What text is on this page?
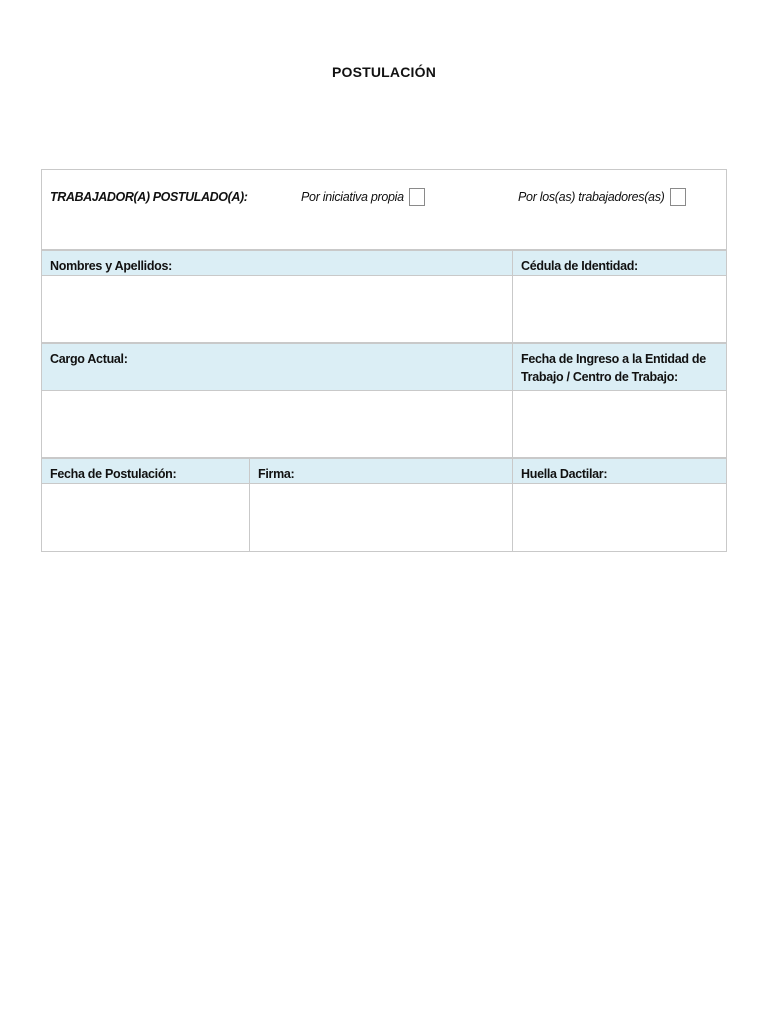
POSTULACIÓN
TRABAJADOR(A) POSTULADO(A):	Por iniciativa propia	Por los(as) trabajadores(as)
Nombres y Apellidos:	Cédula de Identidad:
Cargo Actual:	Fecha de Ingreso a la Entidad de Trabajo / Centro de Trabajo:
Fecha de Postulación:	Firma:	Huella Dactilar:
